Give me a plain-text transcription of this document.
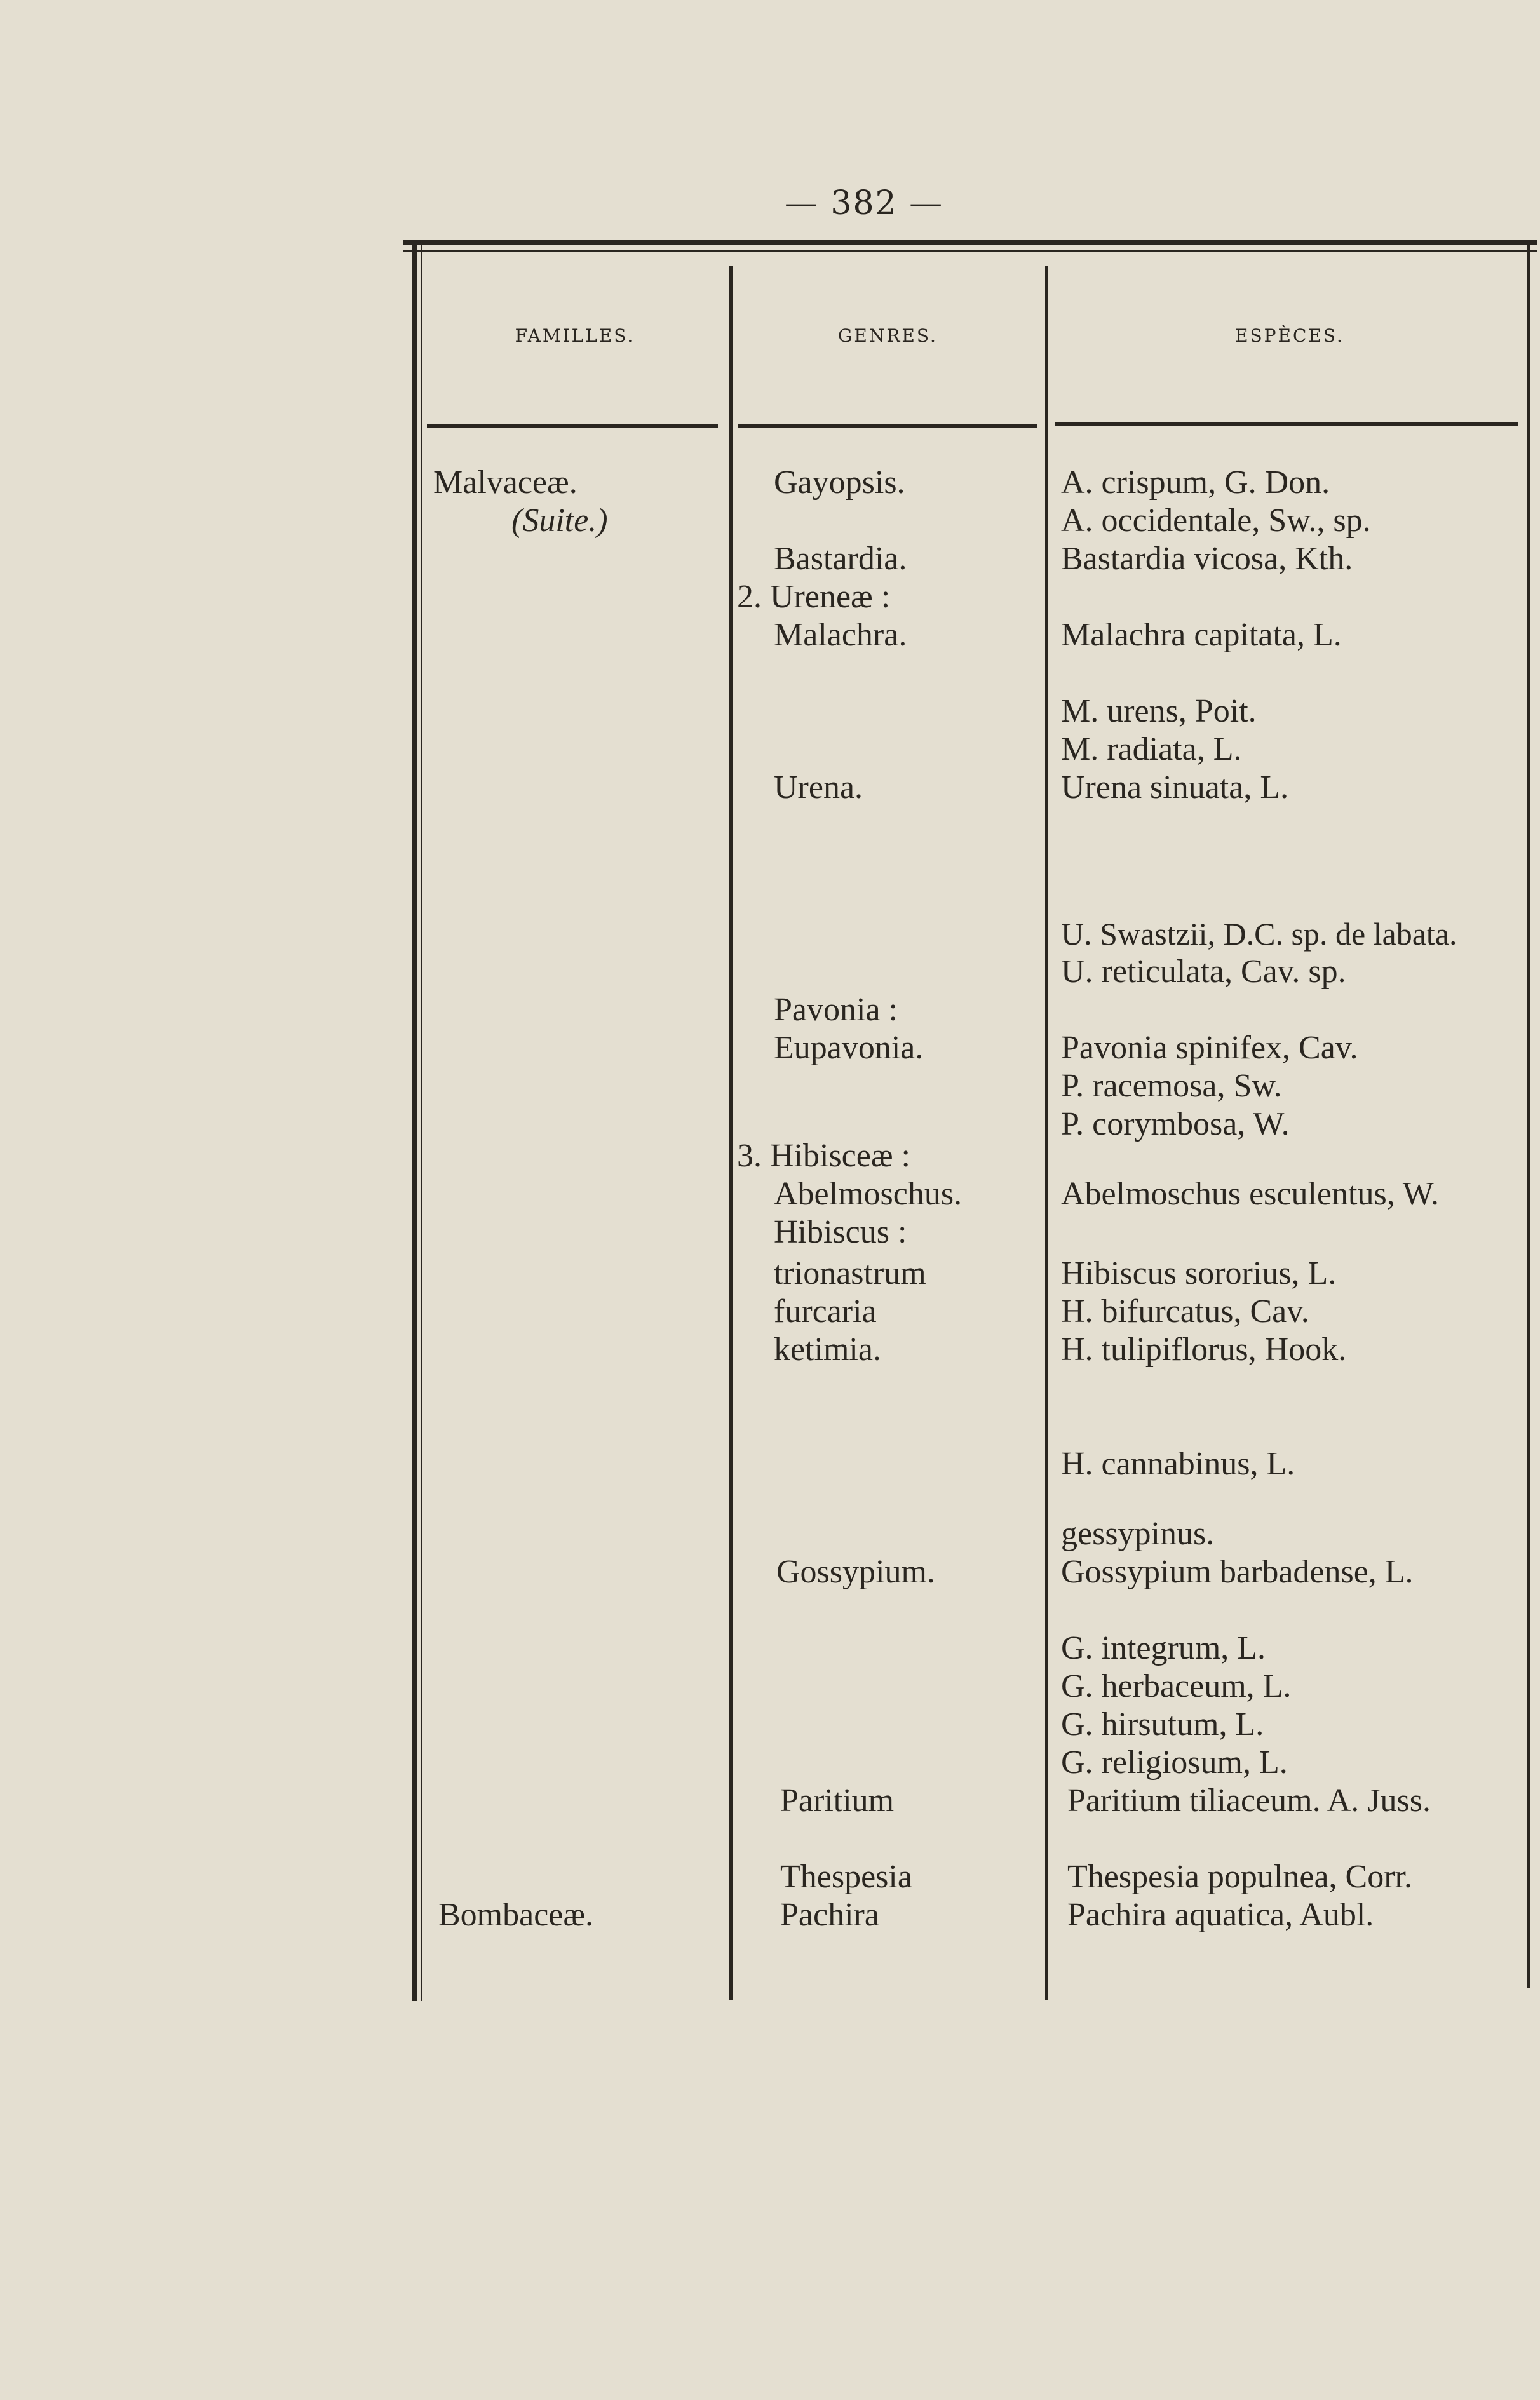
— 382 —
FAMILLES.	GENRES.	ESPÈCES.
Malvaceæ.
(Suite.)
Bombaceæ.
Gayopsis.
Bastardia.
2. Ureneæ :
Malachra.
Urena.
Pavonia :
Eupavonia.
3. Hibisceæ :
Abelmoschus.
Hibiscus :
trionastrum
furcaria
ketimia.
Gossypium.
Paritium
Thespesia
Pachira
A. crispum, G. Don.
A. occidentale, Sw., sp.
Bastardia vicosa, Kth.
Malachra capitata, L.
M. urens, Poit.
M. radiata, L.
Urena sinuata, L.
U. Swastzii, D.C. sp. de labata.
U. reticulata, Cav. sp.
Pavonia spinifex, Cav.
P. racemosa, Sw.
P. corymbosa, W.
Abelmoschus esculentus, W.
Hibiscus sororius, L.
H. bifurcatus, Cav.
H. tulipiflorus, Hook.
H. cannabinus, L.
gessypinus.
Gossypium barbadense, L.
G. integrum, L.
G. herbaceum, L.
G. hirsutum, L.
G. religiosum, L.
Paritium tiliaceum. A. Juss.
Thespesia populnea, Corr.
Pachira aquatica, Aubl.
